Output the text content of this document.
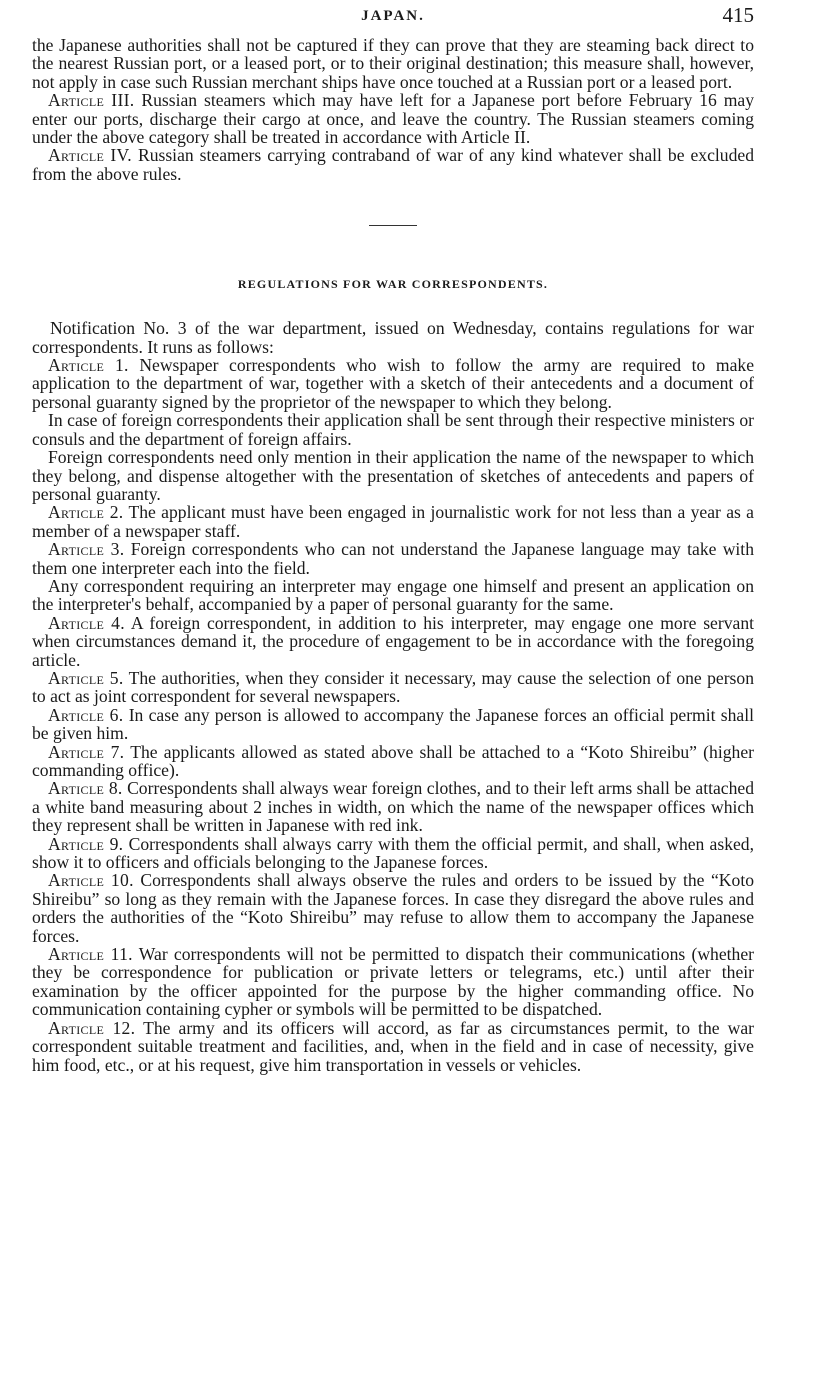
JAPAN.	415

the Japanese authorities shall not be captured if they can prove that they are steaming back direct to the nearest Russian port, or a leased port, or to their original destination; this measure shall, however, not apply in case such Russian merchant ships have once touched at a Russian port or a leased port.

Article III. Russian steamers which may have left for a Japanese port before February 16 may enter our ports, discharge their cargo at once, and leave the country. The Russian steamers coming under the above category shall be treated in accordance with Article II.

Article IV. Russian steamers carrying contraband of war of any kind whatever shall be excluded from the above rules.

REGULATIONS FOR WAR CORRESPONDENTS.

Notification No. 3 of the war department, issued on Wednesday, contains regulations for war correspondents. It runs as follows:

Article 1. Newspaper correspondents who wish to follow the army are required to make application to the department of war, together with a sketch of their antecedents and a document of personal guaranty signed by the proprietor of the newspaper to which they belong.

In case of foreign correspondents their application shall be sent through their respective ministers or consuls and the department of foreign affairs.

Foreign correspondents need only mention in their application the name of the newspaper to which they belong, and dispense altogether with the presentation of sketches of antecedents and papers of personal guaranty.

Article 2. The applicant must have been engaged in journalistic work for not less than a year as a member of a newspaper staff.

Article 3. Foreign correspondents who can not understand the Japanese language may take with them one interpreter each into the field.

Any correspondent requiring an interpreter may engage one himself and present an application on the interpreter's behalf, accompanied by a paper of personal guaranty for the same.

Article 4. A foreign correspondent, in addition to his interpreter, may engage one more servant when circumstances demand it, the procedure of engagement to be in accordance with the foregoing article.

Article 5. The authorities, when they consider it necessary, may cause the selection of one person to act as joint correspondent for several newspapers.

Article 6. In case any person is allowed to accompany the Japanese forces an official permit shall be given him.

Article 7. The applicants allowed as stated above shall be attached to a “Koto Shireibu” (higher commanding office).

Article 8. Correspondents shall always wear foreign clothes, and to their left arms shall be attached a white band measuring about 2 inches in width, on which the name of the newspaper offices which they represent shall be written in Japanese with red ink.

Article 9. Correspondents shall always carry with them the official permit, and shall, when asked, show it to officers and officials belonging to the Japanese forces.

Article 10. Correspondents shall always observe the rules and orders to be issued by the “Koto Shireibu” so long as they remain with the Japanese forces. In case they disregard the above rules and orders the authorities of the “Koto Shireibu” may refuse to allow them to accompany the Japanese forces.

Article 11. War correspondents will not be permitted to dispatch their communications (whether they be correspondence for publication or private letters or telegrams, etc.) until after their examination by the officer appointed for the purpose by the higher commanding office. No communication containing cypher or symbols will be permitted to be dispatched.

Article 12. The army and its officers will accord, as far as circumstances permit, to the war correspondent suitable treatment and facilities, and, when in the field and in case of necessity, give him food, etc., or at his request, give him transportation in vessels or vehicles.
